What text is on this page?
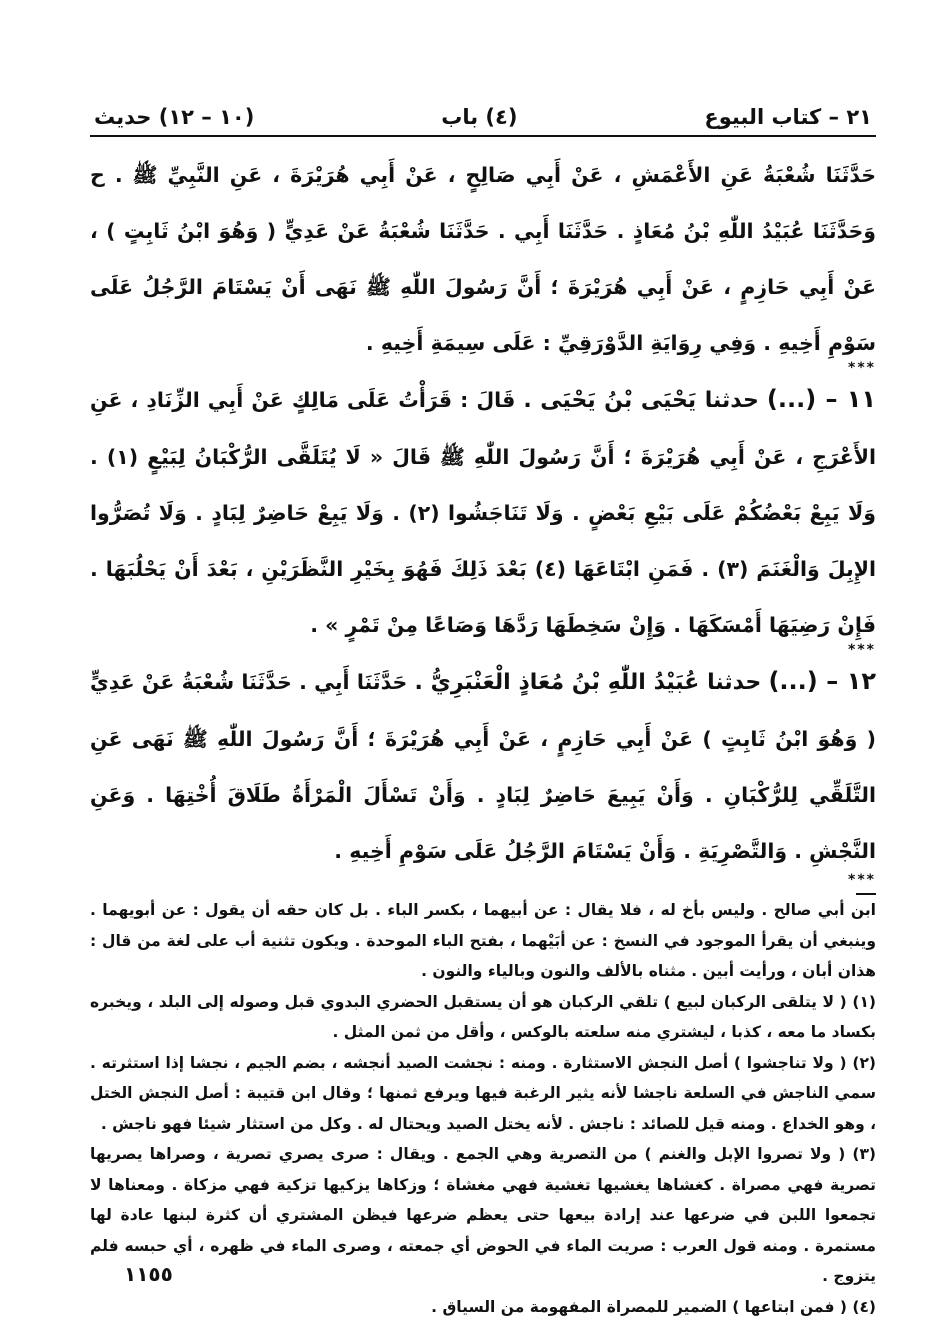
٢١ – كتاب البيوع
(٤) باب
(١٠ – ١٢) حديث

حَدَّثَنَا شُعْبَةُ عَنِ الأَعْمَشِ ، عَنْ أَبِي صَالِحٍ ، عَنْ أَبِي هُرَيْرَةَ ، عَنِ النَّبِيِّ ﷺ . ح وَحَدَّثَنَا عُبَيْدُ اللّٰهِ بْنُ مُعَاذٍ . حَدَّثَنَا أَبِي . حَدَّثَنَا شُعْبَةُ عَنْ عَدِيٍّ ( وَهُوَ ابْنُ ثَابِتٍ ) ، عَنْ أَبِي حَازِمٍ ، عَنْ أَبِي هُرَيْرَةَ ؛ أَنَّ رَسُولَ اللّٰهِ ﷺ نَهَى أَنْ يَسْتَامَ الرَّجُلُ عَلَى سَوْمِ أَخِيهِ . وَفِي رِوَايَةِ الدَّوْرَقِيِّ : عَلَى سِيمَةِ أَخِيهِ .

***

١١ – (...) حدثنا يَحْيَى بْنُ يَحْيَى . قَالَ : قَرَأْتُ عَلَى مَالِكٍ عَنْ أَبِي الزِّنَادِ ، عَنِ الأَعْرَجِ ، عَنْ أَبِي هُرَيْرَةَ ؛ أَنَّ رَسُولَ اللّٰهِ ﷺ قَالَ « لَا يُتَلَقَّى الرُّكْبَانُ لِبَيْعٍ (١) . وَلَا يَبِعْ بَعْضُكُمْ عَلَى بَيْعِ بَعْضٍ . وَلَا تَنَاجَشُوا (٢) . وَلَا يَبِعْ حَاضِرٌ لِبَادٍ . وَلَا تُصَرُّوا الإِبِلَ وَالْغَنَمَ (٣) . فَمَنِ ابْتَاعَهَا (٤) بَعْدَ ذَلِكَ فَهُوَ بِخَيْرِ النَّظَرَيْنِ ، بَعْدَ أَنْ يَحْلُبَهَا . فَإِنْ رَضِيَهَا أَمْسَكَهَا . وَإِنْ سَخِطَهَا رَدَّهَا وَصَاعًا مِنْ تَمْرٍ » .

***

١٢ – (...) حدثنا عُبَيْدُ اللّٰهِ بْنُ مُعَاذٍ الْعَنْبَرِيُّ . حَدَّثَنَا أَبِي . حَدَّثَنَا شُعْبَةُ عَنْ عَدِيٍّ ( وَهُوَ ابْنُ ثَابِتٍ ) عَنْ أَبِي حَازِمٍ ، عَنْ أَبِي هُرَيْرَةَ ؛ أَنَّ رَسُولَ اللّٰهِ ﷺ نَهَى عَنِ التَّلَقِّي لِلرُّكْبَانِ . وَأَنْ يَبِيعَ حَاضِرٌ لِبَادٍ . وَأَنْ تَسْأَلَ الْمَرْأَةُ طَلَاقَ أُخْتِهَا . وَعَنِ النَّجْشِ . وَالتَّصْرِيَةِ . وَأَنْ يَسْتَامَ الرَّجُلُ عَلَى سَوْمِ أَخِيهِ .

***

ابن أبي صالح . وليس بأخ له ، فلا يقال : عن أبيهما ، بكسر الباء . بل كان حقه أن يقول : عن أبويهما . وينبغي أن يقرأ الموجود في النسخ : عن أبَيْهما ، بفتح الباء الموحدة . ويكون تثنية أب على لغة من قال : هذان أبان ، ورأيت أبين . مثناه بالألف والنون وبالياء والنون .

(١) ( لا يتلقى الركبان لبيع ) تلقي الركبان هو أن يستقبل الحضري البدوي قبل وصوله إلى البلد ، ويخبره بكساد ما معه ، كذبا ، ليشتري منه سلعته بالوكس ، وأقل من ثمن المثل .

(٢) ( ولا تناجشوا ) أصل النجش الاستثارة . ومنه : نجشت الصيد أنجشه ، بضم الجيم ، نجشا إذا استثرته . سمي الناجش في السلعة ناجشا لأنه يثير الرغبة فيها ويرفع ثمنها ؛ وقال ابن قتيبة : أصل النجش الختل ، وهو الخداع . ومنه قيل للصائد : ناجش . لأنه يختل الصيد ويحتال له . وكل من استثار شيئا فهو ناجش .

(٣) ( ولا تصروا الإبل والغنم ) من التصرية وهي الجمع . ويقال : صرى يصري تصرية ، وصراها يصريها تصرية فهي مصراة . كغشاها يغشيها تغشية فهي مغشاة ؛ وزكاها يزكيها تزكية فهي مزكاة . ومعناها لا تجمعوا اللبن في ضرعها عند إرادة بيعها حتى يعظم ضرعها فيظن المشتري أن كثرة لبنها عادة لها مستمرة . ومنه قول العرب : صريت الماء في الحوض أي جمعته ، وصرى الماء في ظهره ، أي حبسه فلم يتزوج .

(٤) ( فمن ابتاعها ) الضمير للمصراة المفهومة من السياق .

١١٥٥
